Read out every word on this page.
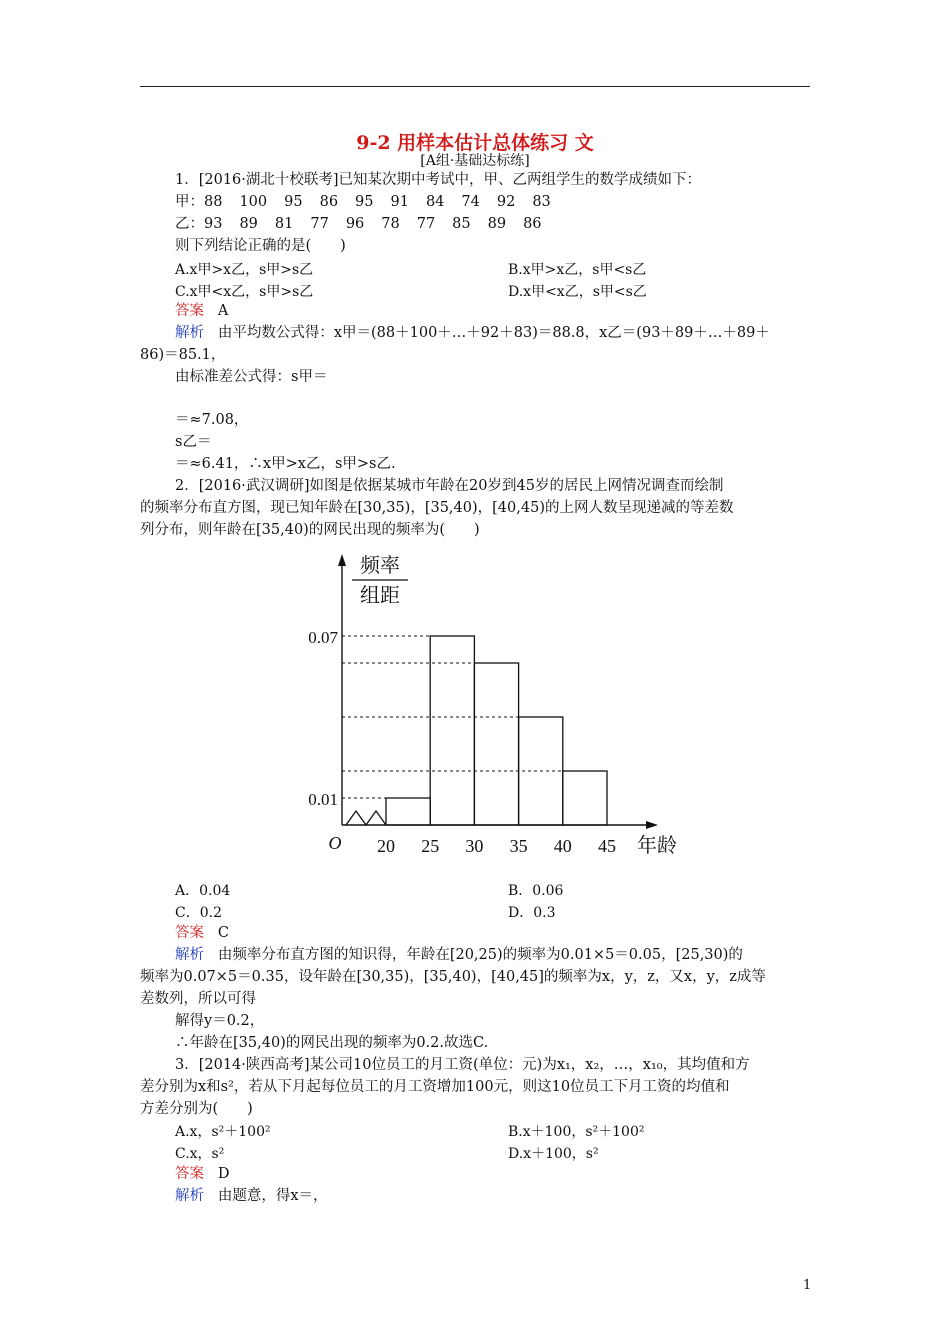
9-2 用样本估计总体练习 文
[A组·基础达标练]
1．[2016·湖北十校联考]已知某次期中考试中，甲、乙两组学生的数学成绩如下：
甲：88 100 95 86 95 91 84 74 92 83
乙：93 89 81 77 96 78 77 85 89 86
则下列结论正确的是(　　)
A.x甲>x乙，s甲>s乙	B.x甲>x乙，s甲<s乙
C.x甲<x乙，s甲>s乙	D.x甲<x乙，s甲<s乙
答案 A
解析 由平均数公式得：x甲＝(88＋100＋…＋92＋83)＝88.8，x乙＝(93＋89＋…＋89＋
86)＝85.1，
由标准差公式得：s甲＝
＝≈7.08，
s乙＝
＝≈6.41，∴x甲>x乙，s甲>s乙.
2．[2016·武汉调研]如图是依据某城市年龄在20岁到45岁的居民上网情况调查而绘制
的频率分布直方图，现已知年龄在[30,35)，[35,40)，[40,45)的上网人数呈现递减的等差数
列分布，则年龄在[35,40)的网民出现的频率为(　　)
频率
组距
0.07
0.01
20 25 30 35 40 45
O	年龄
A．0.04	B．0.06
C．0.2	D．0.3
答案 C
解析 由频率分布直方图的知识得，年龄在[20,25)的频率为0.01×5＝0.05，[25,30)的
频率为0.07×5＝0.35，设年龄在[30,35)，[35,40)，[40,45]的频率为x，y，z，又x，y，z成等
差数列，所以可得
解得y＝0.2，
∴年龄在[35,40)的网民出现的频率为0.2.故选C.
3．[2014·陕西高考]某公司10位员工的月工资(单位：元)为x₁，x₂，…，x₁₀，其均值和方
差分别为x和s²，若从下月起每位员工的月工资增加100元，则这10位员工下月工资的均值和
方差分别为(　　)
A.x，s²＋100²	B.x＋100，s²＋100²
C.x，s²	D.x＋100，s²
答案 D
解析 由题意，得x＝，
1
